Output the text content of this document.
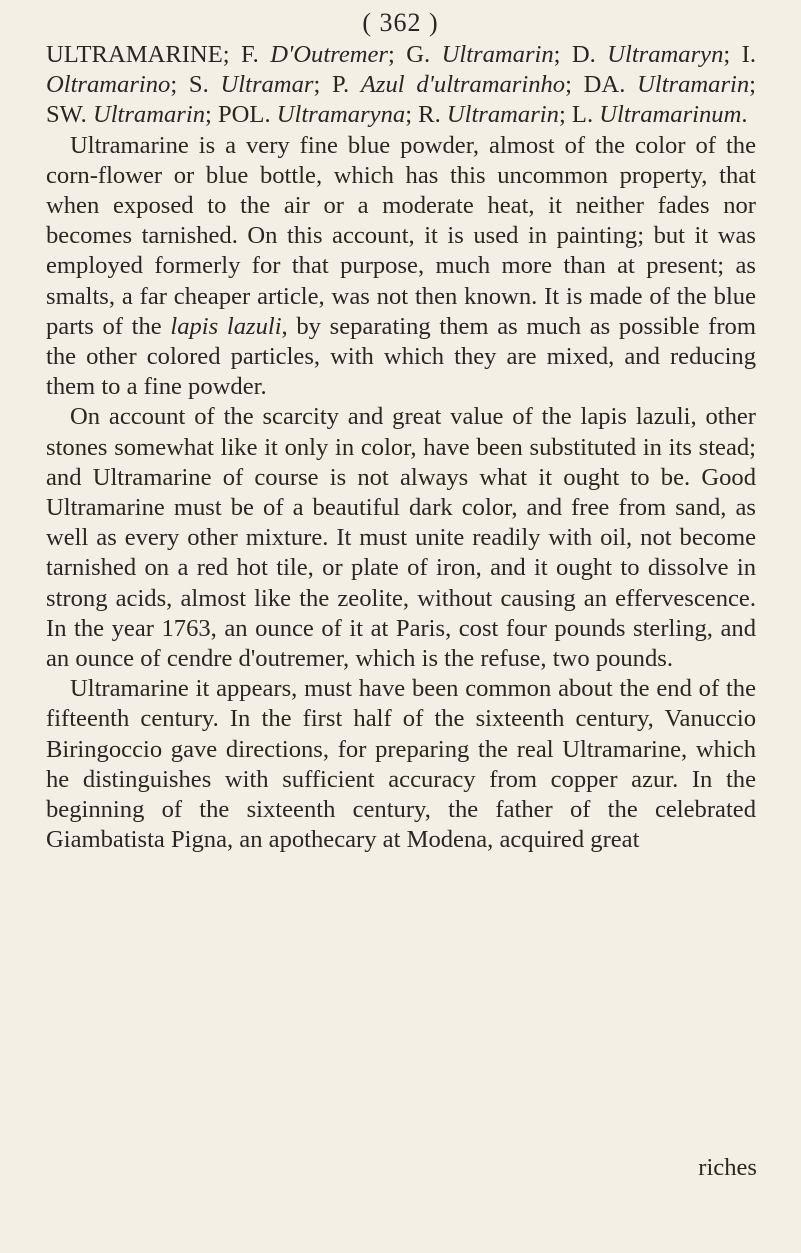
( 362 )

ULTRAMARINE; F. D'Outremer; G. Ultramarin; D. Ultramaryn; I. Oltramarino; S. Ultramar; P. Azul d'ultramarinho; DA. Ultramarin; SW. Ultramarin; POL. Ultramaryna; R. Ultramarin; L. Ultramarinum.

Ultramarine is a very fine blue powder, almost of the color of the corn-flower or blue bottle, which has this uncommon property, that when exposed to the air or a moderate heat, it neither fades nor becomes tarnished. On this account, it is used in painting; but it was employed formerly for that purpose, much more than at present; as smalts, a far cheaper article, was not then known. It is made of the blue parts of the lapis lazuli, by separating them as much as possible from the other colored particles, with which they are mixed, and reducing them to a fine powder.

On account of the scarcity and great value of the lapis lazuli, other stones somewhat like it only in color, have been substituted in its stead; and Ultramarine of course is not always what it ought to be. Good Ultramarine must be of a beautiful dark color, and free from sand, as well as every other mixture. It must unite readily with oil, not become tarnished on a red hot tile, or plate of iron, and it ought to dissolve in strong acids, almost like the zeolite, without causing an effervescence. In the year 1763, an ounce of it at Paris, cost four pounds sterling, and an ounce of cendre d'outremer, which is the refuse, two pounds.

Ultramarine it appears, must have been common about the end of the fifteenth century. In the first half of the sixteenth century, Vanuccio Biringoccio gave directions, for preparing the real Ultramarine, which he distinguishes with sufficient accuracy from copper azur. In the beginning of the sixteenth century, the father of the celebrated Giambatista Pigna, an apothecary at Modena, acquired great

riches
